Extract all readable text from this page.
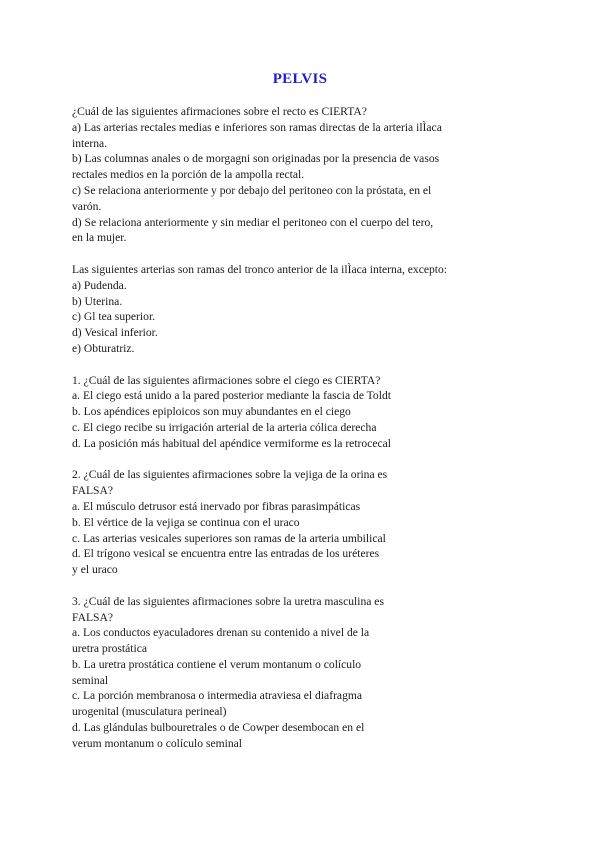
PELVIS
¿Cuál de las siguientes afirmaciones sobre el recto es CIERTA?
a) Las arterias rectales medias e inferiores son ramas directas de la arteria ilÌaca
interna.
b) Las columnas anales o de morgagni son originadas por la presencia de vasos
rectales medios en la porción de la ampolla rectal.
c) Se relaciona anteriormente y por debajo del peritoneo con la próstata, en el
varón.
d) Se relaciona anteriormente y sin mediar el peritoneo con el cuerpo del tero,
en la mujer.
Las siguientes arterias son ramas del tronco anterior de la ilÌaca interna, excepto:
a) Pudenda.
b) Uterina.
c) Gl tea superior.
d) Vesical inferior.
e) Obturatriz.
1. ¿Cuál de las siguientes afirmaciones sobre el ciego es CIERTA?
a. El ciego está unido a la pared posterior mediante la fascia de Toldt
b. Los apéndices epiploicos son muy abundantes en el ciego
c. El ciego recibe su irrigación arterial de la arteria cólica derecha
d. La posición más habitual del apéndice vermiforme es la retrocecal
2. ¿Cuál de las siguientes afirmaciones sobre la vejiga de la orina es
FALSA?
a. El músculo detrusor está inervado por fibras parasimpáticas
b. El vértice de la vejiga se continua con el uraco
c. Las arterias vesicales superiores son ramas de la arteria umbilical
d. El trígono vesical se encuentra entre las entradas de los uréteres
y el uraco
3. ¿Cuál de las siguientes afirmaciones sobre la uretra masculina es
FALSA?
a. Los conductos eyaculadores drenan su contenido a nivel de la
uretra prostática
b. La uretra prostática contiene el verum montanum o colículo
seminal
c. La porción membranosa o intermedia atraviesa el diafragma
urogenital (musculatura perineal)
d. Las glándulas bulbouretrales o de Cowper desembocan en el
verum montanum o colículo seminal
